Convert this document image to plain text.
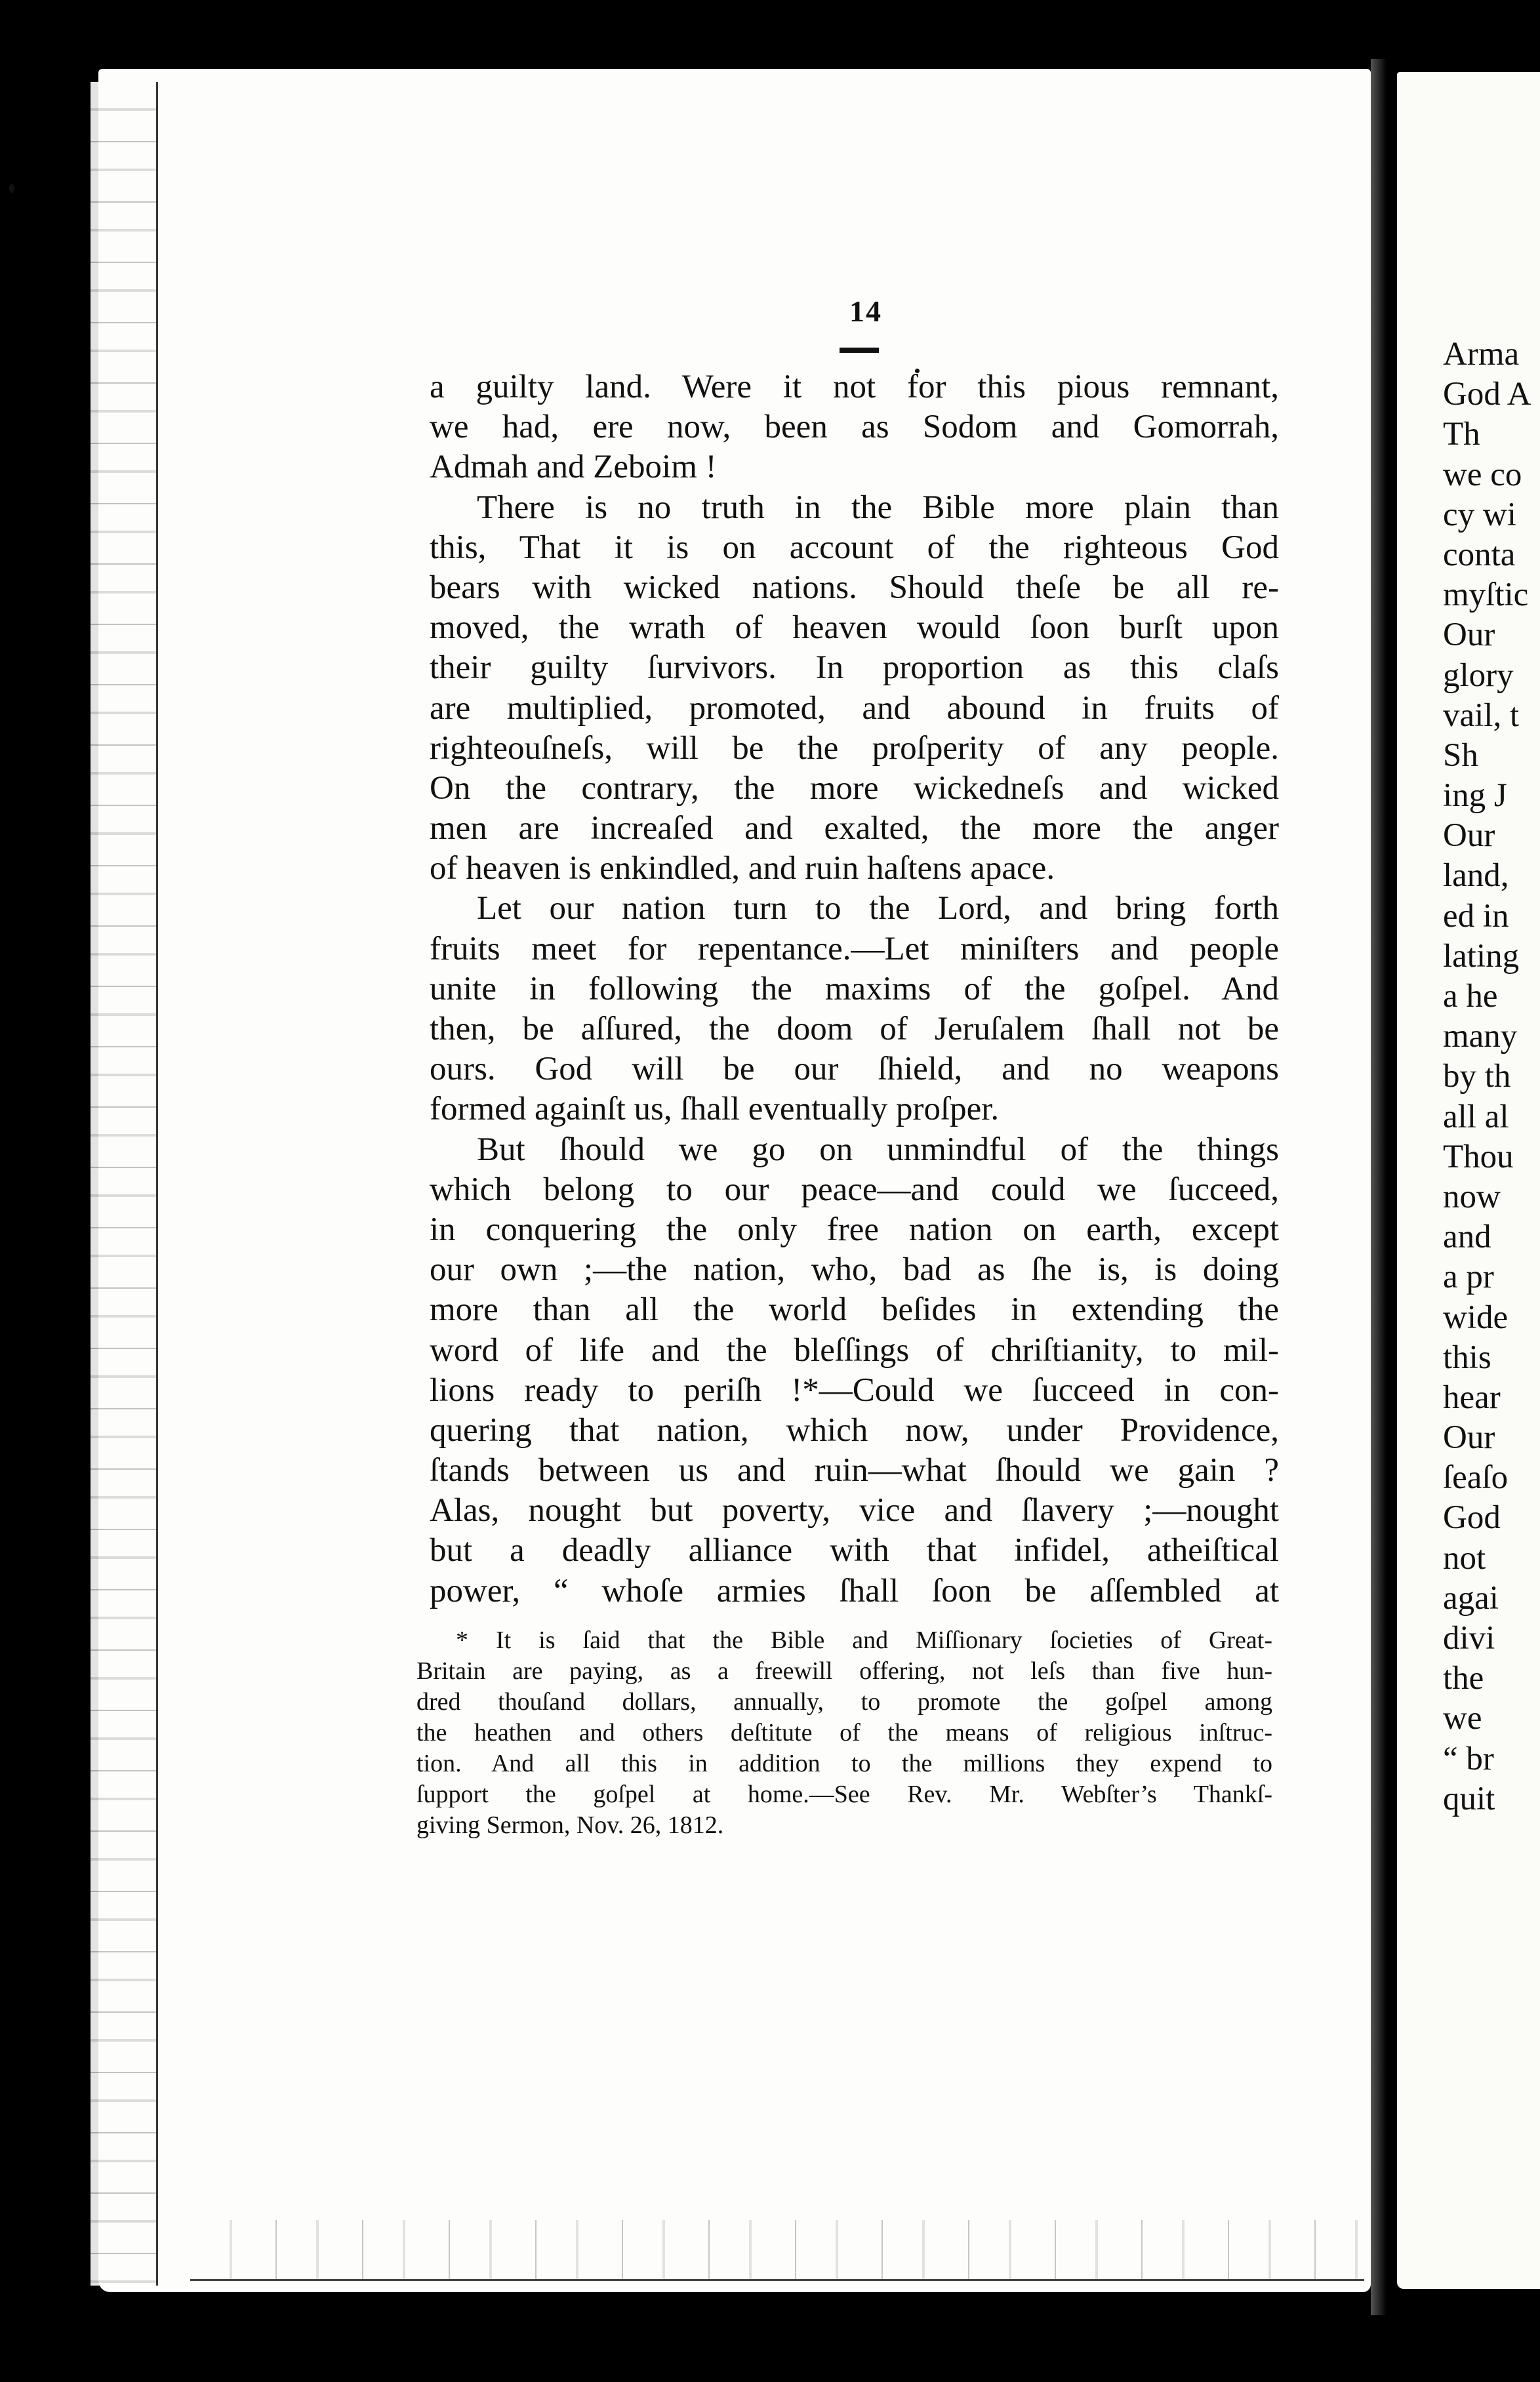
14
a guilty land. Were it not for this pious remnant,
we had, ere now, been as Sodom and Gomorrah,
Admah and Zeboim !
There is no truth in the Bible more plain than
this, That it is on account of the righteous God
bears with wicked nations. Should theſe be all re-
moved, the wrath of heaven would ſoon burſt upon
their guilty ſurvivors. In proportion as this claſs
are multiplied, promoted, and abound in fruits of
righteouſneſs, will be the proſperity of any people.
On the contrary, the more wickedneſs and wicked
men are increaſed and exalted, the more the anger
of heaven is enkindled, and ruin haſtens apace.
Let our nation turn to the Lord, and bring forth
fruits meet for repentance.—Let miniſters and people
unite in following the maxims of the goſpel. And
then, be aſſured, the doom of Jeruſalem ſhall not be
ours. God will be our ſhield, and no weapons
formed againſt us, ſhall eventually proſper.
But ſhould we go on unmindful of the things
which belong to our peace—and could we ſucceed,
in conquering the only free nation on earth, except
our own ;—the nation, who, bad as ſhe is, is doing
more than all the world beſides in extending the
word of life and the bleſſings of chriſtianity, to mil-
lions ready to periſh !*—Could we ſucceed in con-
quering that nation, which now, under Providence,
ſtands between us and ruin—what ſhould we gain ?
Alas, nought but poverty, vice and ſlavery ;—nought
but a deadly alliance with that infidel, atheiſtical
power, “ whoſe armies ſhall ſoon be aſſembled at
* It is ſaid that the Bible and Miſſionary ſocieties of Great-
Britain are paying, as a freewill offering, not leſs than five hun-
dred thouſand dollars, annually, to promote the goſpel among
the heathen and others deſtitute of the means of religious inſtruc-
tion. And all this in addition to the millions they expend to
ſupport the goſpel at home.—See Rev. Mr. Webſter’s Thankſ-
giving Sermon, Nov. 26, 1812.
Arma
God A
Th
we co
cy wi
conta
myſtic
Our
glory
vail, t
Sh
ing J
Our
land,
ed in
lating
a he
many
by th
all al
Thou
now
and
a pr
wide
this
hear
Our
ſeaſo
God
not
agai
divi
the
we
“ br
quit
